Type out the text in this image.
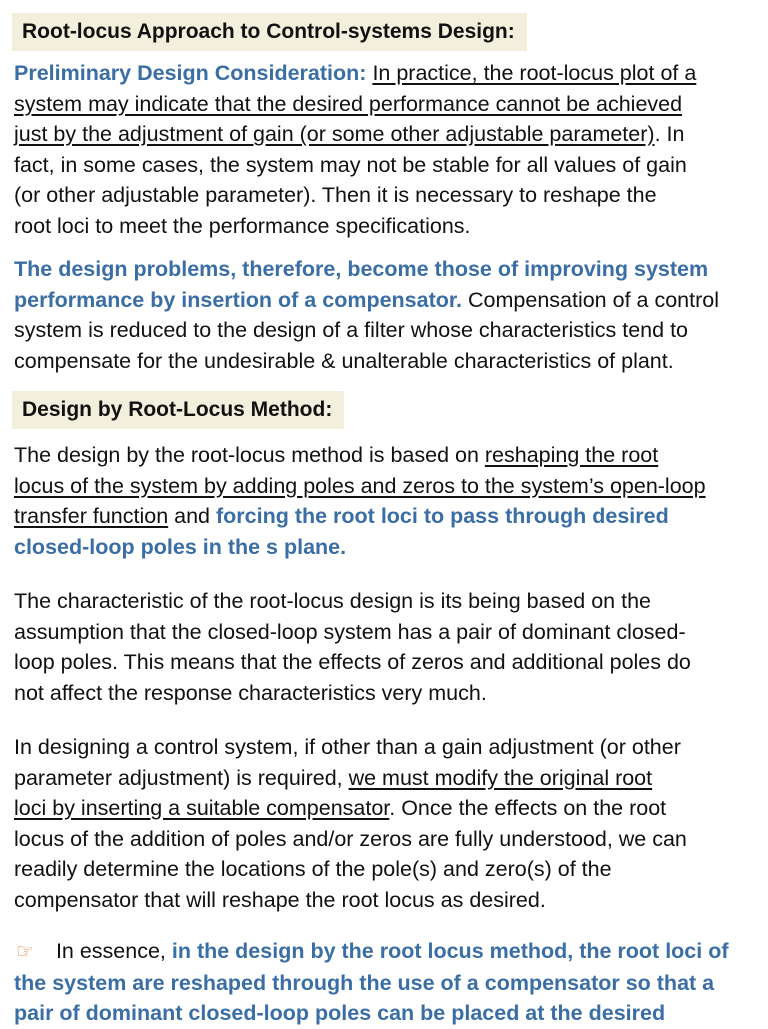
Root-locus Approach to Control-systems Design:
Preliminary Design Consideration: In practice, the root-locus plot of a
system may indicate that the desired performance cannot be achieved
just by the adjustment of gain (or some other adjustable parameter). In
fact, in some cases, the system may not be stable for all values of gain
(or other adjustable parameter). Then it is necessary to reshape the
root loci to meet the performance specifications.
The design problems, therefore, become those of improving system
performance by insertion of a compensator. Compensation of a control
system is reduced to the design of a filter whose characteristics tend to
compensate for the undesirable & unalterable characteristics of plant.
Design by Root-Locus Method:
The design by the root-locus method is based on reshaping the root
locus of the system by adding poles and zeros to the system’s open-loop
transfer function and forcing the root loci to pass through desired
closed-loop poles in the s plane.
The characteristic of the root-locus design is its being based on the
assumption that the closed-loop system has a pair of dominant closed-
loop poles. This means that the effects of zeros and additional poles do
not affect the response characteristics very much.
In designing a control system, if other than a gain adjustment (or other
parameter adjustment) is required, we must modify the original root
loci by inserting a suitable compensator. Once the effects on the root
locus of the addition of poles and/or zeros are fully understood, we can
readily determine the locations of the pole(s) and zero(s) of the
compensator that will reshape the root locus as desired.
☞ In essence, in the design by the root locus method, the root loci of
the system are reshaped through the use of a compensator so that a
pair of dominant closed-loop poles can be placed at the desired
